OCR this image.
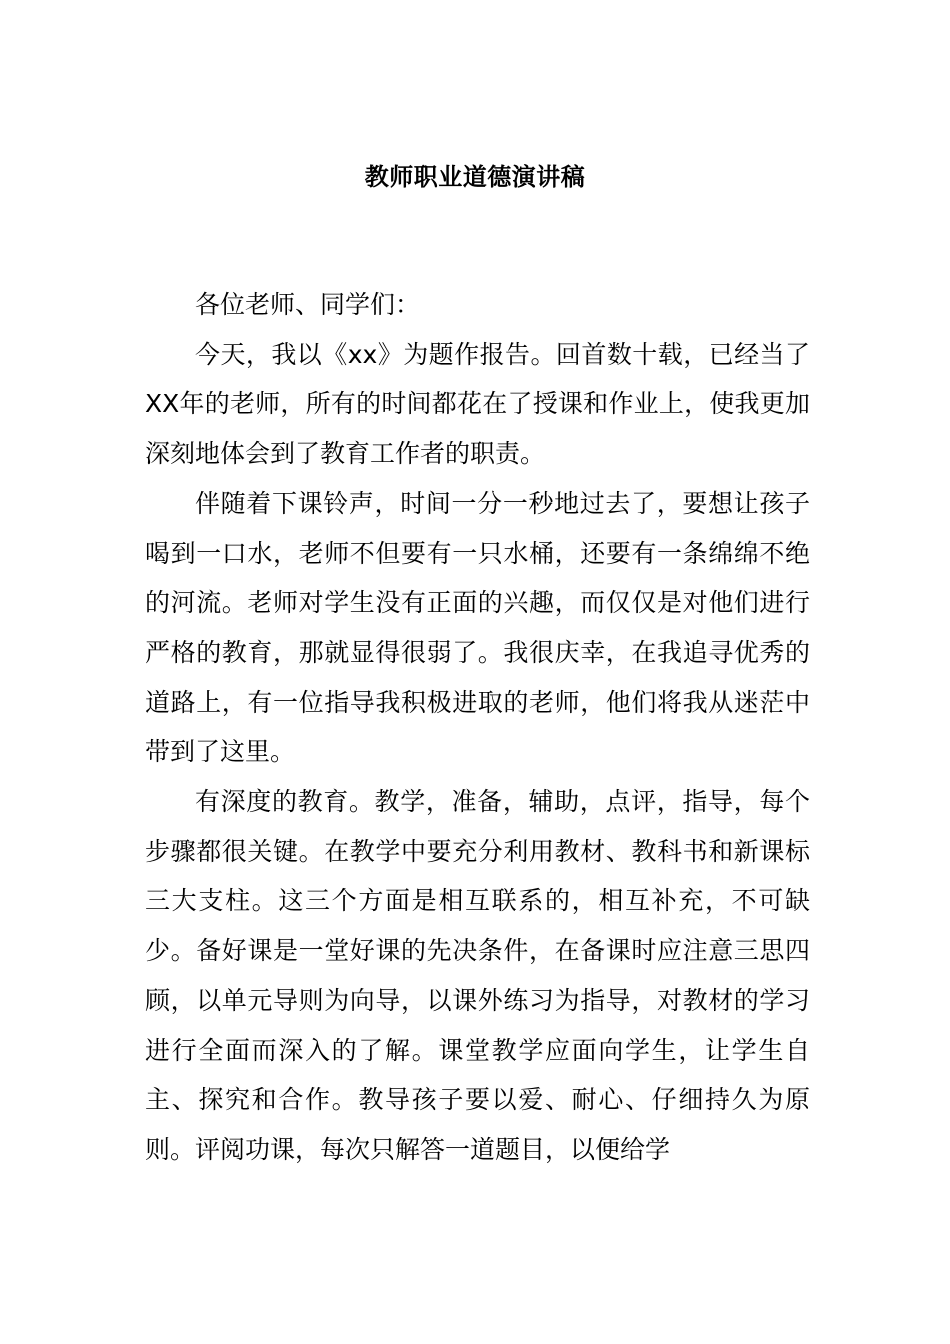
教师职业道德演讲稿

各位老师、同学们：

今天，我以《xx》为题作报告。回首数十载，已经当了XX年的老师，所有的时间都花在了授课和作业上，使我更加深刻地体会到了教育工作者的职责。

伴随着下课铃声，时间一分一秒地过去了，要想让孩子喝到一口水，老师不但要有一只水桶，还要有一条绵绵不绝的河流。老师对学生没有正面的兴趣，而仅仅是对他们进行严格的教育，那就显得很弱了。我很庆幸，在我追寻优秀的道路上，有一位指导我积极进取的老师，他们将我从迷茫中带到了这里。

有深度的教育。教学，准备，辅助，点评，指导，每个步骤都很关键。在教学中要充分利用教材、教科书和新课标三大支柱。这三个方面是相互联系的，相互补充，不可缺少。备好课是一堂好课的先决条件，在备课时应注意三思四顾，以单元导则为向导，以课外练习为指导，对教材的学习进行全面而深入的了解。课堂教学应面向学生，让学生自主、探究和合作。教导孩子要以爱、耐心、仔细持久为原则。评阅功课，每次只解答一道题目，以便给学
